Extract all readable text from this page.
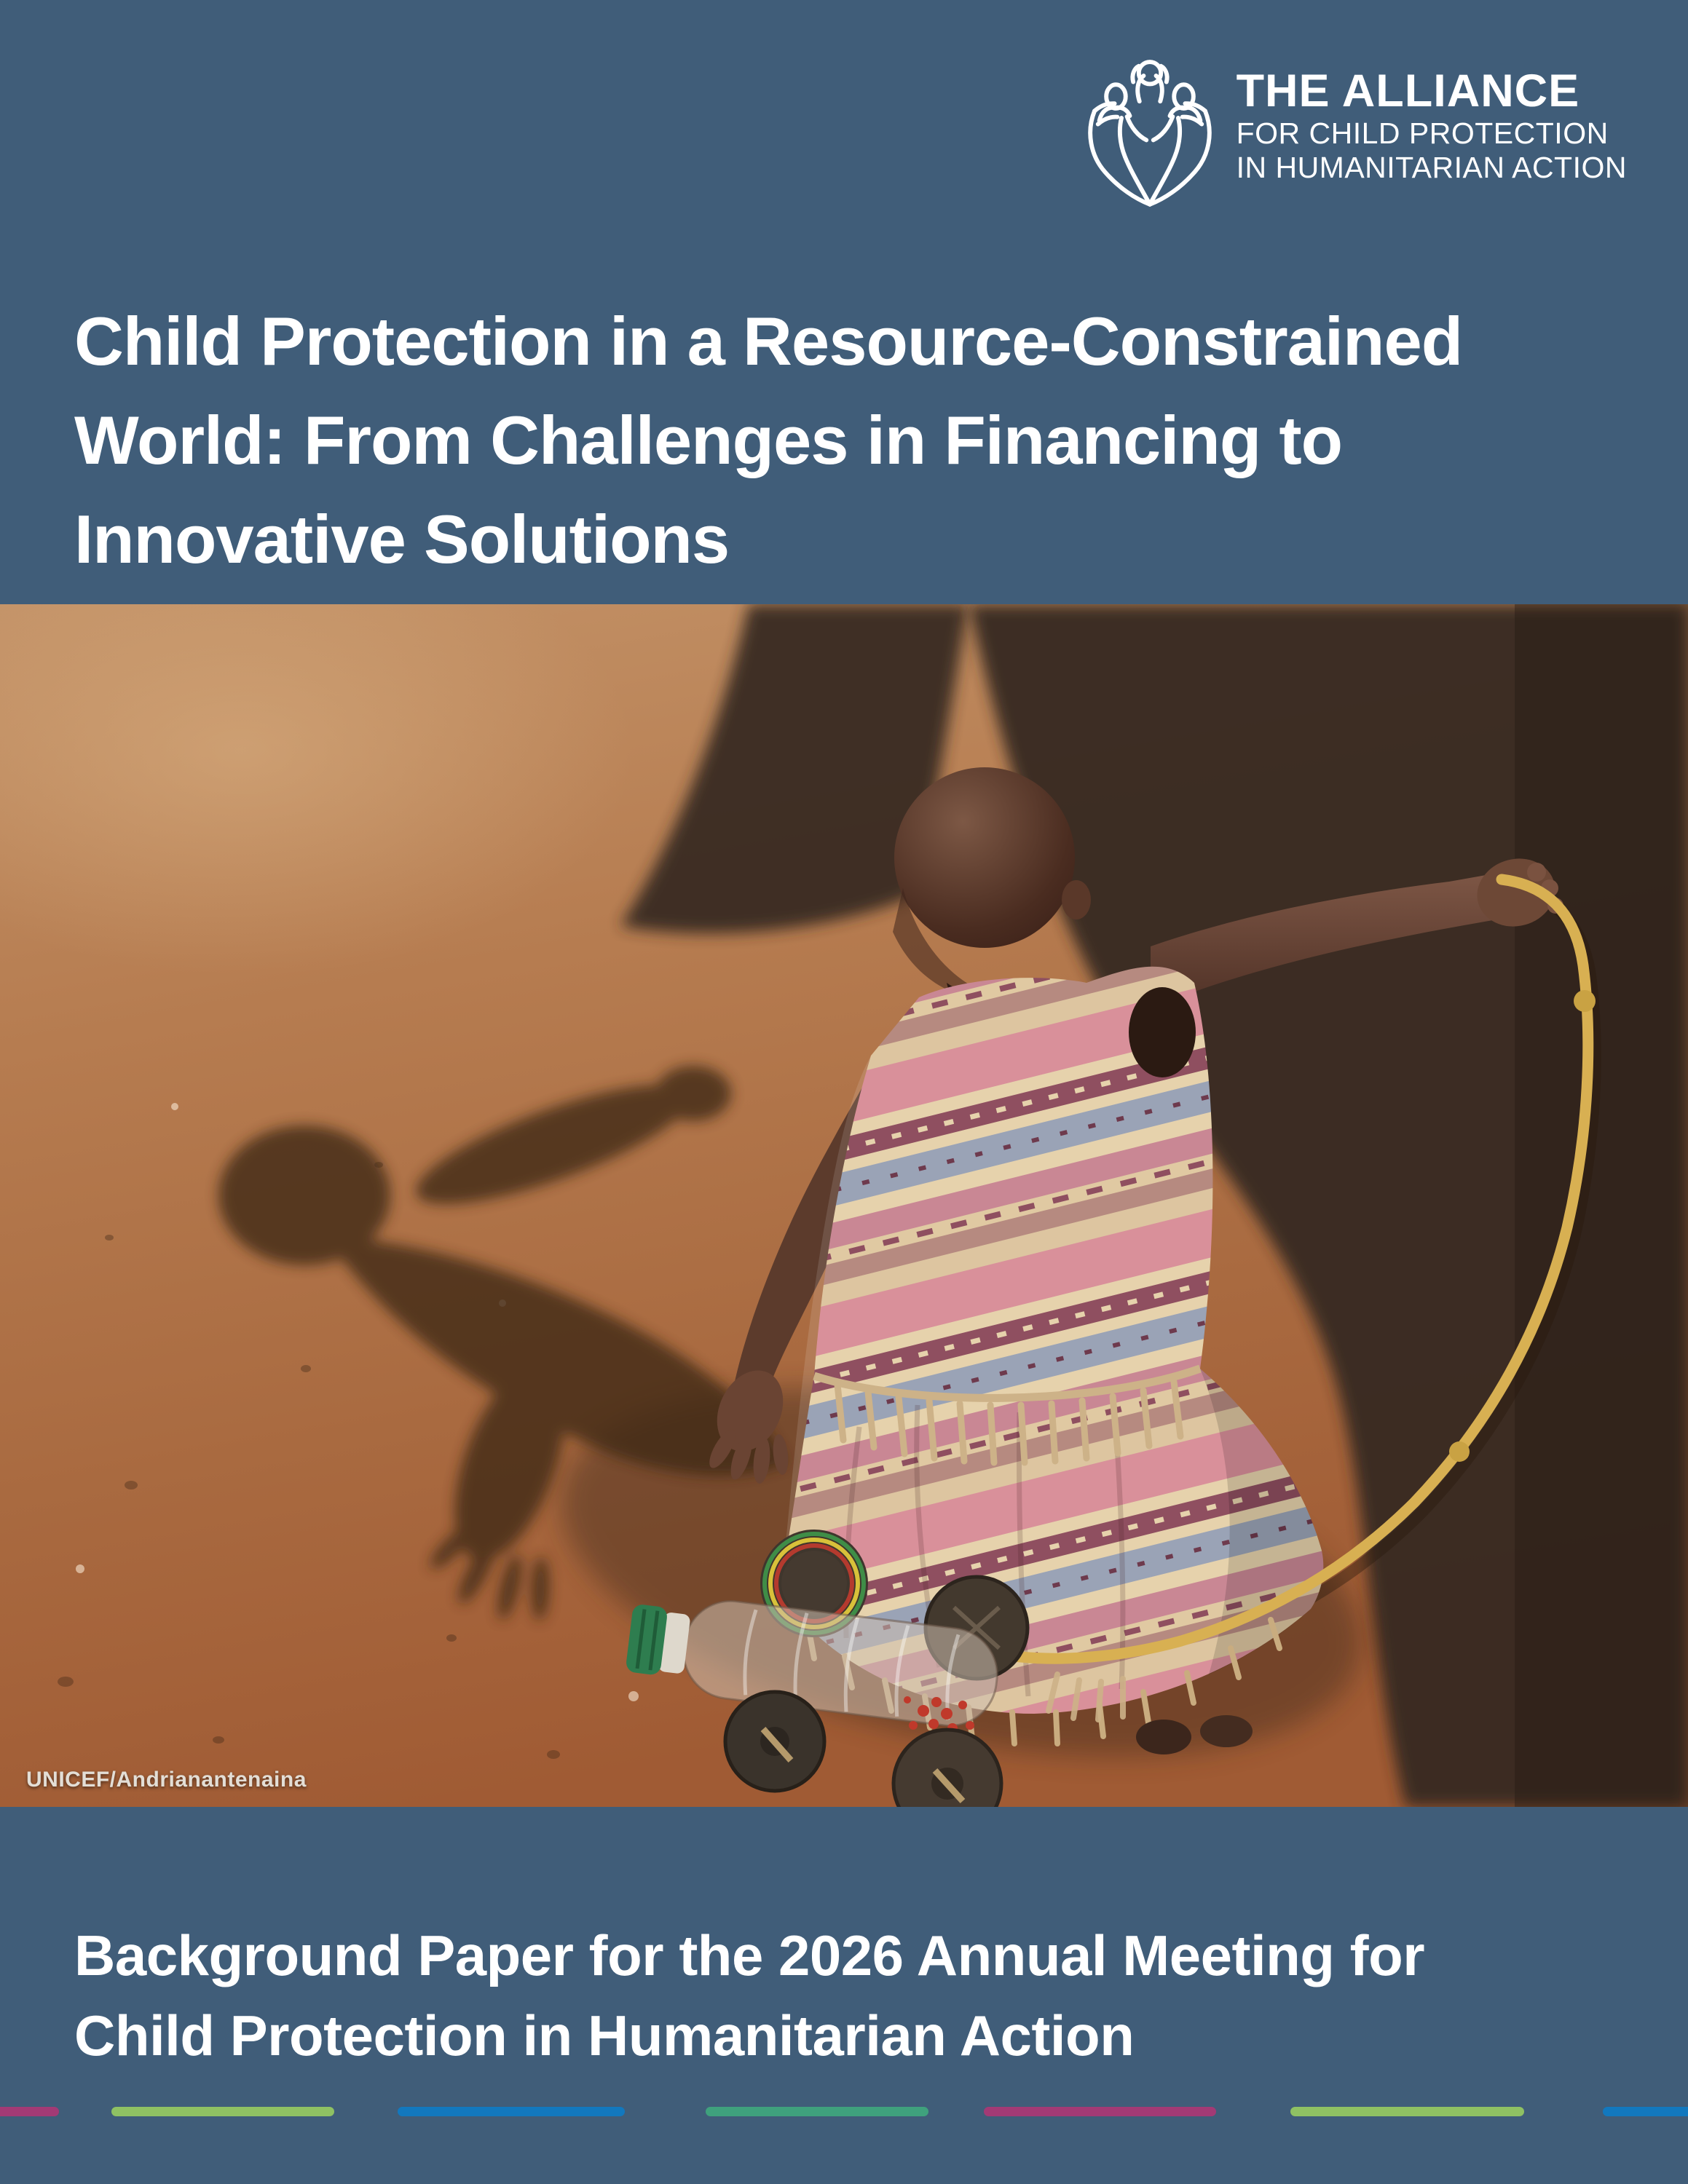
THE ALLIANCE
FOR CHILD PROTECTION
IN HUMANITARIAN ACTION
Child Protection in a Resource-Constrained
World: From Challenges in Financing to
Innovative Solutions
UNICEF/Andrianantenaina
Background Paper for the 2026 Annual Meeting for
Child Protection in Humanitarian Action
